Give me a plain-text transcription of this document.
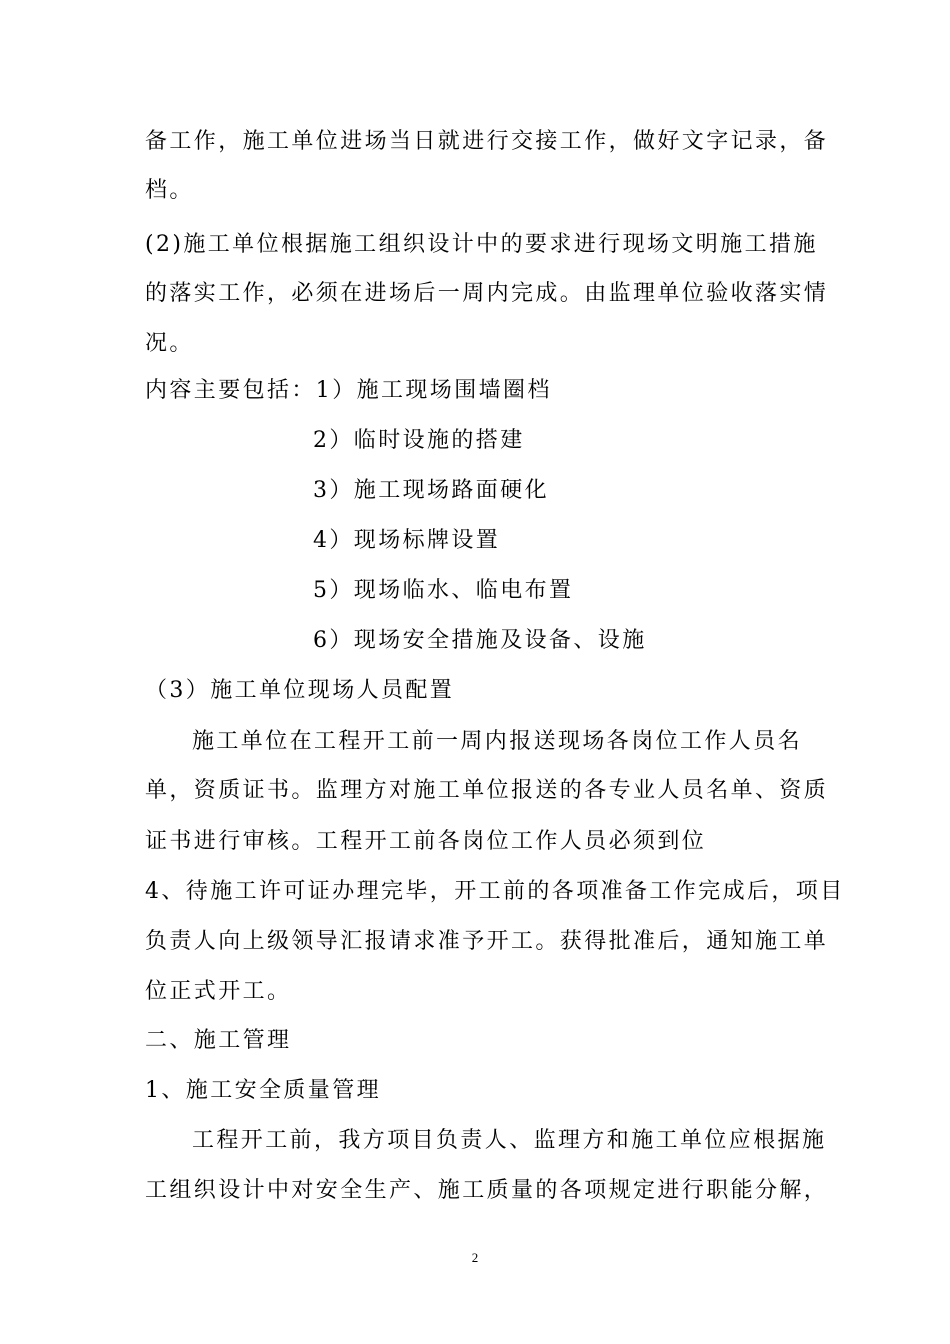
备工作，施工单位进场当日就进行交接工作，做好文字记录，备
档。
(2)施工单位根据施工组织设计中的要求进行现场文明施工措施
的落实工作，必须在进场后一周内完成。由监理单位验收落实情
况。
内容主要包括：1）施工现场围墙圈档
2）临时设施的搭建
3）施工现场路面硬化
4）现场标牌设置
5）现场临水、临电布置
6）现场安全措施及设备、设施
（3）施工单位现场人员配置
施工单位在工程开工前一周内报送现场各岗位工作人员名
单，资质证书。监理方对施工单位报送的各专业人员名单、资质
证书进行审核。工程开工前各岗位工作人员必须到位
4、待施工许可证办理完毕，开工前的各项准备工作完成后，项目
负责人向上级领导汇报请求准予开工。获得批准后，通知施工单
位正式开工。
二、施工管理
1、施工安全质量管理
工程开工前，我方项目负责人、监理方和施工单位应根据施
工组织设计中对安全生产、施工质量的各项规定进行职能分解，
2
